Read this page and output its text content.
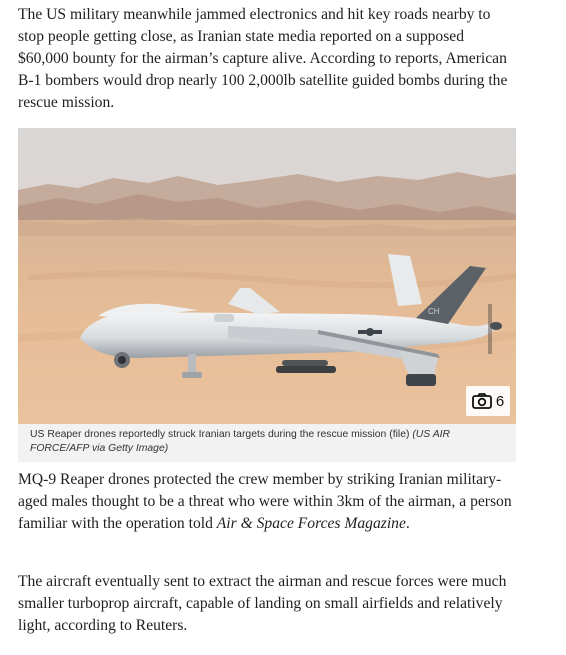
The US military meanwhile jammed electronics and hit key roads nearby to stop people getting close, as Iranian state media reported on a supposed $60,000 bounty for the airman’s capture alive. According to reports, American B-1 bombers would drop nearly 100 2,000lb satellite guided bombs during the rescue mission.

CH
6
US Reaper drones reportedly struck Iranian targets during the rescue mission (file) (US AIR FORCE/AFP via Getty Image)

MQ-9 Reaper drones protected the crew member by striking Iranian military-aged males thought to be a threat who were within 3km of the airman, a person familiar with the operation told Air & Space Forces Magazine.

The aircraft eventually sent to extract the airman and rescue forces were much smaller turboprop aircraft, capable of landing on small airfields and relatively light, according to Reuters.
